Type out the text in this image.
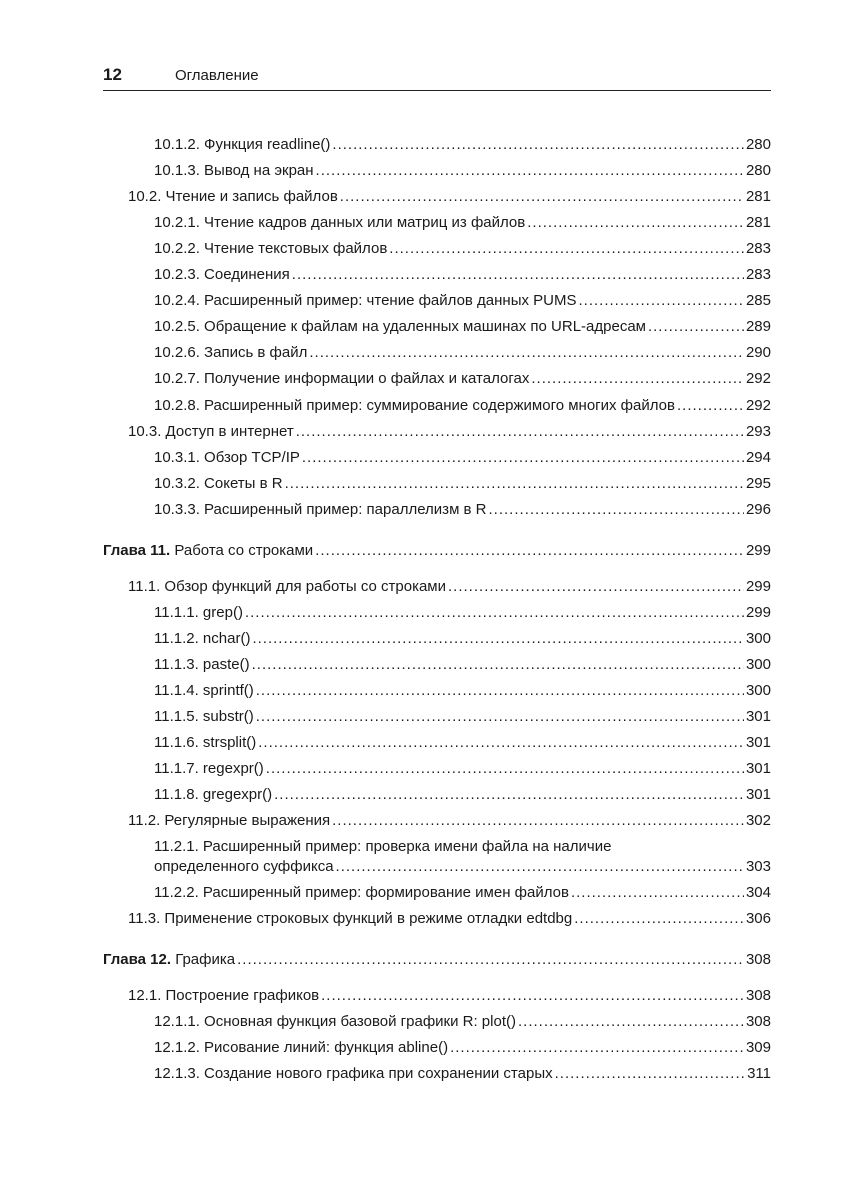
12	Оглавление
10.1.2. Функция readline() .....	280
10.1.3. Вывод на экран .....	280
10.2. Чтение и запись файлов .....	281
10.2.1. Чтение кадров данных или матриц из файлов .....	281
10.2.2. Чтение текстовых файлов .....	283
10.2.3. Соединения .....	283
10.2.4. Расширенный пример: чтение файлов данных PUMS .....	285
10.2.5. Обращение к файлам на удаленных машинах по URL-адресам .....	289
10.2.6. Запись в файл .....	290
10.2.7. Получение информации о файлах и каталогах .....	292
10.2.8. Расширенный пример: суммирование содержимого многих файлов .....	292
10.3. Доступ в интернет .....	293
10.3.1. Обзор TCP/IP .....	294
10.3.2. Сокеты в R .....	295
10.3.3. Расширенный пример: параллелизм в R .....	296
Глава 11. Работа со строками .....	299
11.1. Обзор функций для работы со строками .....	299
11.1.1. grep() .....	299
11.1.2. nchar() .....	300
11.1.3. paste() .....	300
11.1.4. sprintf() .....	300
11.1.5. substr() .....	301
11.1.6. strsplit() .....	301
11.1.7. regexpr() .....	301
11.1.8. gregexpr() .....	301
11.2. Регулярные выражения .....	302
11.2.1. Расширенный пример: проверка имени файла на наличие
определенного суффикса .....	303
11.2.2. Расширенный пример: формирование имен файлов .....	304
11.3. Применение строковых функций в режиме отладки edtdbg .....	306
Глава 12. Графика .....	308
12.1. Построение графиков .....	308
12.1.1. Основная функция базовой графики R: plot() .....	308
12.1.2. Рисование линий: функция abline() .....	309
12.1.3. Создание нового графика при сохранении старых .....	311
